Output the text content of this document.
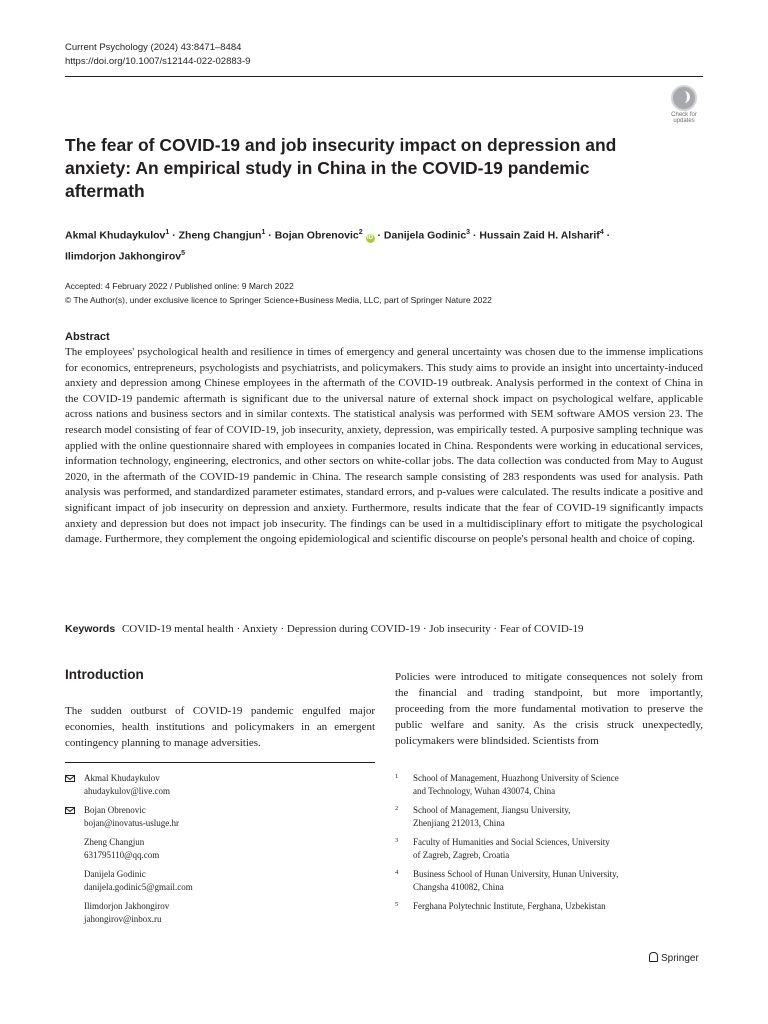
Current Psychology (2024) 43:8471–8484
https://doi.org/10.1007/s12144-022-02883-9
Check for updates
The fear of COVID-19 and job insecurity impact on depression and anxiety: An empirical study in China in the COVID-19 pandemic aftermath
Akmal Khudaykulov$^1$ · Zheng Changjun$^1$ · Bojan Obrenovic$^2$ iD · Danijela Godinic$^3$ · Hussain Zaid H. Alsharif$^4$ ·
Ilimdorjon Jakhongirov$^5$
Accepted: 4 February 2022 / Published online: 9 March 2022
© The Author(s), under exclusive licence to Springer Science+Business Media, LLC, part of Springer Nature 2022
Abstract

The employees' psychological health and resilience in times of emergency and general uncertainty was chosen due to the immense implications for economics, entrepreneurs, psychologists and psychiatrists, and policymakers. This study aims to provide an insight into uncertainty-induced anxiety and depression among Chinese employees in the aftermath of the COVID-19 outbreak. Analysis performed in the context of China in the COVID-19 pandemic aftermath is significant due to the universal nature of external shock impact on psychological welfare, applicable across nations and business sectors and in similar contexts. The statistical analysis was performed with SEM software AMOS version 23. The research model consisting of fear of COVID-19, job insecurity, anxiety, depression, was empirically tested. A purposive sampling technique was applied with the online questionnaire shared with employees in companies located in China. Respondents were working in educational services, information technology, engineering, electronics, and other sectors on white-collar jobs. The data collection was conducted from May to August 2020, in the aftermath of the COVID-19 pandemic in China. The research sample consisting of 283 respondents was used for analysis. Path analysis was performed, and standardized parameter estimates, standard errors, and p-values were calculated. The results indicate a positive and significant impact of job insecurity on depression and anxiety. Furthermore, results indicate that the fear of COVID-19 significantly impacts anxiety and depression but does not impact job insecurity. The findings can be used in a multidisciplinary effort to mitigate the psychological damage. Furthermore, they complement the ongoing epidemiological and scientific discourse on people's personal health and choice of coping.

Keywords COVID-19 mental health · Anxiety · Depression during COVID-19 · Job insecurity · Fear of COVID-19
Introduction

The sudden outburst of COVID-19 pandemic engulfed major economies, health institutions and policymakers in an emergent contingency planning to manage adversities.

Policies were introduced to mitigate consequences not solely from the financial and trading standpoint, but more importantly, proceeding from the more fundamental motivation to preserve the public welfare and sanity. As the crisis struck unexpectedly, policymakers were blindsided. Scientists from

Akmal Khudaykulov
ahudaykulov@live.com
Bojan Obrenovic
bojan@inovatus-usluge.hr
Zheng Changjun
631795110@qq.com
Danijela Godinic
danijela.godinic5@gmail.com
Ilimdorjon Jakhongirov
jahongirov@inbox.ru
1 School of Management, Huazhong University of Science
and Technology, Wuhan 430074, China
2 School of Management, Jiangsu University,
Zhenjiang 212013, China
3 Faculty of Humanities and Social Sciences, University
of Zagreb, Zagreb, Croatia
4 Business School of Hunan University, Hunan University,
Changsha 410082, China
5 Ferghana Polytechnic Institute, Ferghana, Uzbekistan
Springer
